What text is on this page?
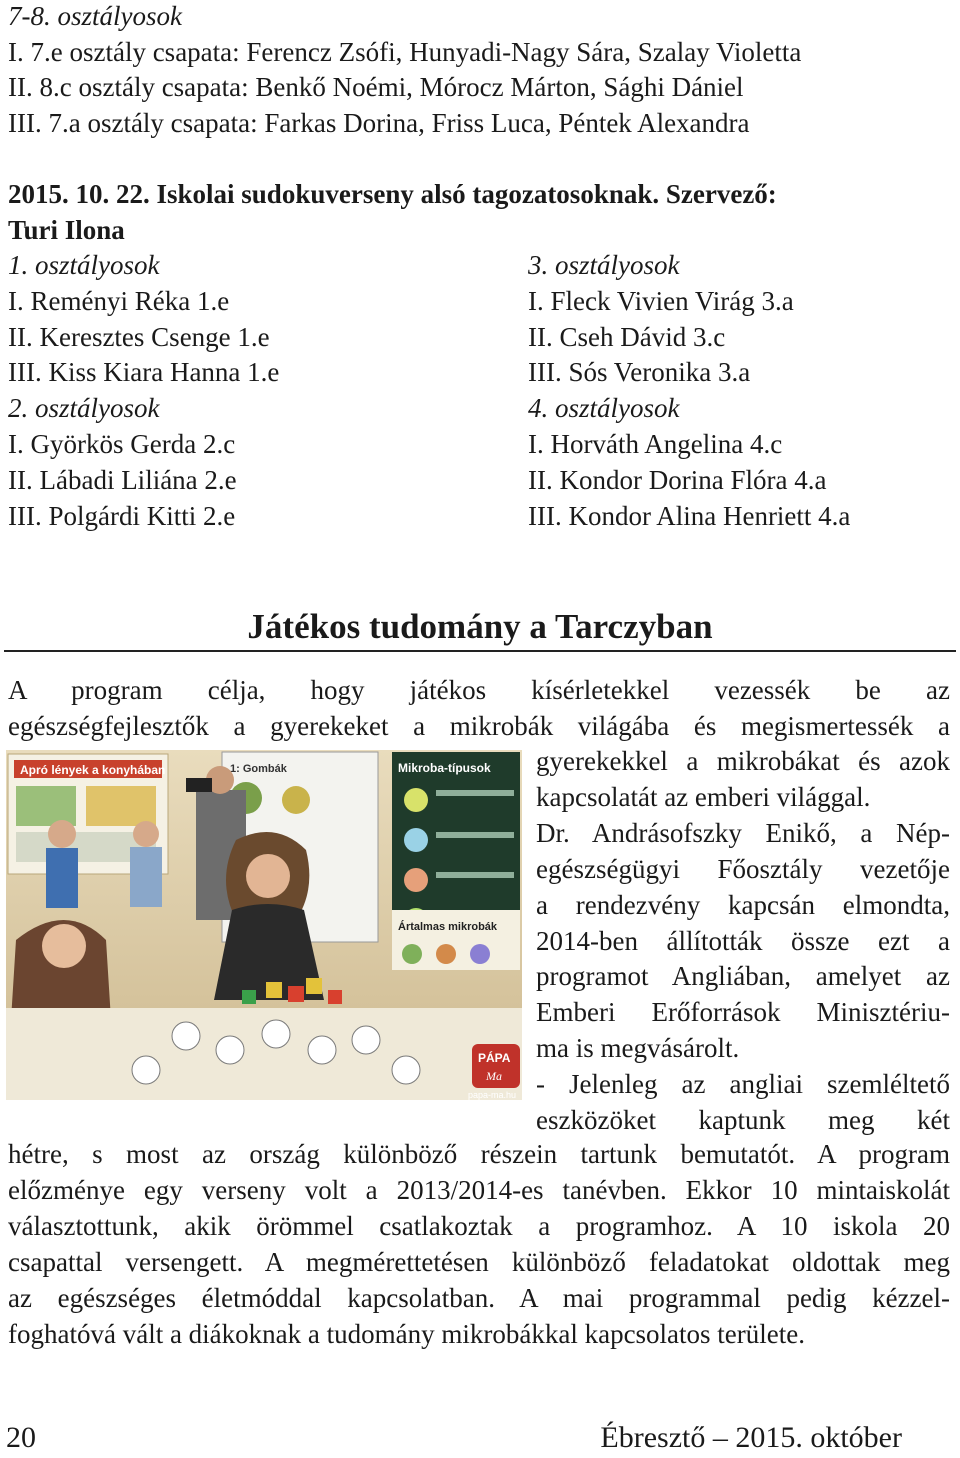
7-8. osztályosok
I. 7.e osztály csapata: Ferencz Zsófi, Hunyadi-Nagy Sára, Szalay Violetta
II. 8.c osztály csapata: Benkő Noémi, Mórocz Márton, Sághi Dániel
III. 7.a osztály csapata: Farkas Dorina, Friss Luca, Péntek Alexandra
2015. 10. 22. Iskolai sudokuverseny alsó tagozatosoknak. Szervező:
Turi Ilona
1. osztályosok
I. Reményi Réka 1.e
II. Keresztes Csenge 1.e
III. Kiss Kiara Hanna 1.e
2. osztályosok
I. Györkös Gerda 2.c
II. Lábadi Liliána 2.e
III. Polgárdi Kitti 2.e
3. osztályosok
I. Fleck Vivien Virág 3.a
II. Cseh Dávid 3.c
III. Sós Veronika 3.a
4. osztályosok
I. Horváth Angelina 4.c
II. Kondor Dorina Flóra 4.a
III. Kondor Alina Henriett 4.a
Játékos tudomány a Tarczyban
A program célja, hogy játékos kísérletekkel vezessék be az
egészségfejlesztők a gyerekeket a mikrobák világába és megismertessék a
gyerekekkel a mikrobákat és azok
kapcsolatát az emberi világgal.
Dr. Andrásofszky Enikő, a Nép-
egészségügyi Főosztály vezetője
a rendezvény kapcsán elmondta,
2014-ben állították össze ezt a
programot Angliában, amelyet az
Emberi Erőforrások Minisztériu-
ma is megvásárolt.
- Jelenleg az angliai szemléltető
eszközöket kaptunk meg két
hétre, s most az ország különböző részein tartunk bemutatót. A program
előzménye egy verseny volt a 2013/2014-es tanévben. Ekkor 10 mintaiskolát
választottunk, akik örömmel csatlakoztak a programhoz. A 10 iskola 20
csapattal versengett. A megmérettetésen különböző feladatokat oldottak meg
az egészséges életmóddal kapcsolatban. A mai programmal pedig kézzel-
foghatóvá vált a diákoknak a tudomány mikrobákkal kapcsolatos területe.
Apró lények a konyhában	1: Gombák	Mikroba-típusok
Ártalmas mikrobák
PÁPA
Ma
papa-ma.hu
20	Ébresztő – 2015. október
